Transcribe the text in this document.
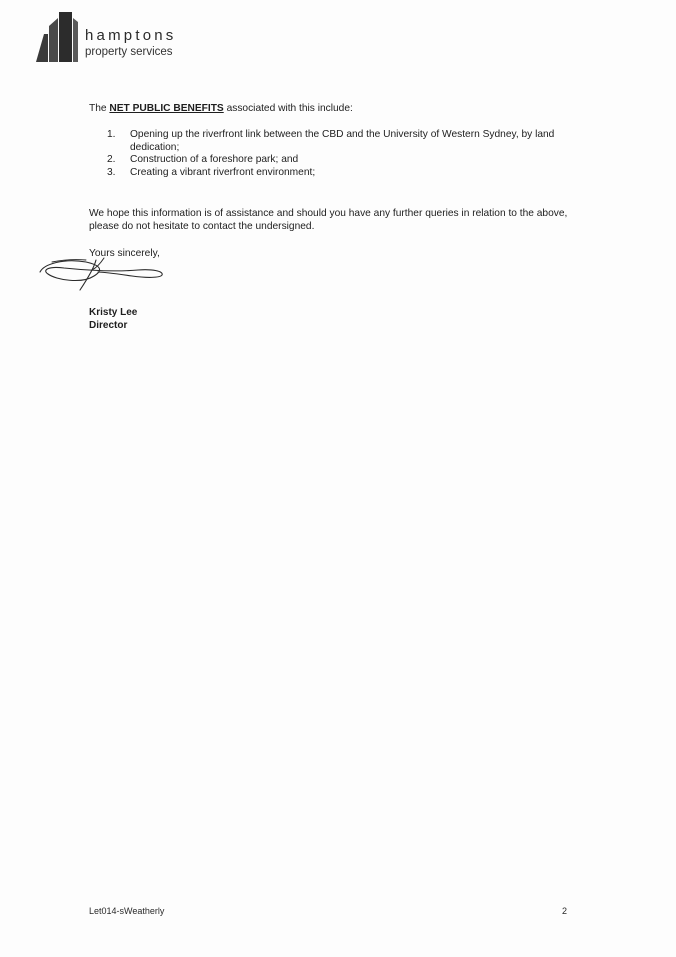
hamptons
property services
The NET PUBLIC BENEFITS associated with this include:
1. Opening up the riverfront link between the CBD and the University of Western Sydney, by land dedication;
2. Construction of a foreshore park; and
3. Creating a vibrant riverfront environment;
We hope this information is of assistance and should you have any further queries in relation to the above, please do not hesitate to contact the undersigned.
Yours sincerely,
Kristy Lee
Director
Let014-sWeatherly	2
